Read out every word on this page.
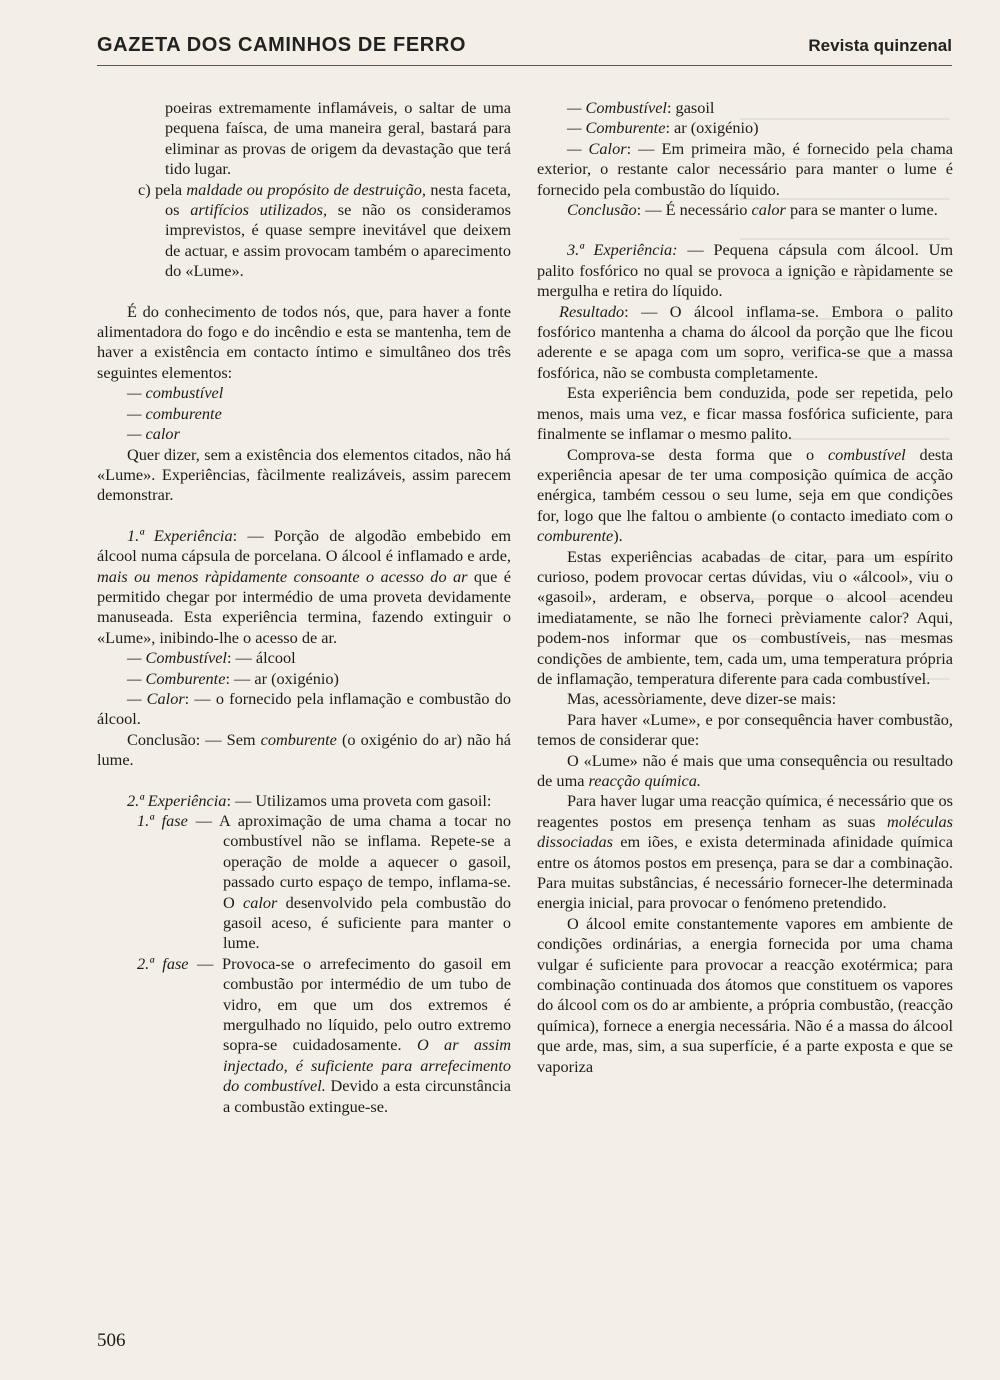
GAZETA DOS CAMINHOS DE FERRO	Revista quinzenal

poeiras extremamente inflamáveis, o saltar de uma pequena faísca, de uma maneira geral, bastará para eliminar as provas de origem da devastação que terá tido lugar.

c) pela maldade ou propósito de destruição, nesta faceta, os artifícios utilizados, se não os consideramos imprevistos, é quase sempre inevitável que deixem de actuar, e assim provocam também o aparecimento do «Lume».

É do conhecimento de todos nós, que, para haver a fonte alimentadora do fogo e do incêndio e esta se mantenha, tem de haver a existência em contacto íntimo e simultâneo dos três seguintes elementos:

— combustível

— comburente

— calor

Quer dizer, sem a existência dos elementos citados, não há «Lume». Experiências, fàcilmente realizáveis, assim parecem demonstrar.

1.ª Experiência: — Porção de algodão embebido em álcool numa cápsula de porcelana. O álcool é inflamado e arde, mais ou menos ràpidamente consoante o acesso do ar que é permitido chegar por intermédio de uma proveta devidamente manuseada. Esta experiência termina, fazendo extinguir o «Lume», inibindo-lhe o acesso de ar.

— Combustível: — álcool

— Comburente: — ar (oxigénio)

— Calor: — o fornecido pela inflamação e combustão do álcool.

Conclusão: — Sem comburente (o oxigénio do ar) não há lume.

2.ª Experiência: — Utilizamos uma proveta com gasoil:

1.ª fase — A aproximação de uma chama a tocar no combustível não se inflama. Repete-se a operação de molde a aquecer o gasoil, passado curto espaço de tempo, inflama-se. O calor desenvolvido pela combustão do gasoil aceso, é suficiente para manter o lume.

2.ª fase — Provoca-se o arrefecimento do gasoil em combustão por intermédio de um tubo de vidro, em que um dos extremos é mergulhado no líquido, pelo outro extremo sopra-se cuidadosamente. O ar assim injectado, é suficiente para arrefecimento do combustível. Devido a esta circunstância a combustão extingue-se.

— Combustível: gasoil

— Comburente: ar (oxigénio)

— Calor: — Em primeira mão, é fornecido pela chama exterior, o restante calor necessário para manter o lume é fornecido pela combustão do líquido.

Conclusão: — É necessário calor para se manter o lume.

3.ª Experiência: — Pequena cápsula com álcool. Um palito fosfórico no qual se provoca a ignição e ràpidamente se mergulha e retira do líquido.

Resultado: — O álcool inflama-se. Embora o palito fosfórico mantenha a chama do álcool da porção que lhe ficou aderente e se apaga com um sopro, verifica-se que a massa fosfórica, não se combusta completamente.

Esta experiência bem conduzida, pode ser repetida, pelo menos, mais uma vez, e ficar massa fosfórica suficiente, para finalmente se inflamar o mesmo palito.

Comprova-se desta forma que o combustível desta experiência apesar de ter uma composição química de acção enérgica, também cessou o seu lume, seja em que condições for, logo que lhe faltou o ambiente (o contacto imediato com o comburente).

Estas experiências acabadas de citar, para um espírito curioso, podem provocar certas dúvidas, viu o «álcool», viu o «gasoil», arderam, e observa, porque o alcool acendeu imediatamente, se não lhe forneci prèviamente calor? Aqui, podem-nos informar que os combustíveis, nas mesmas condições de ambiente, tem, cada um, uma temperatura própria de inflamação, temperatura diferente para cada combustível.

Mas, acessòriamente, deve dizer-se mais:

Para haver «Lume», e por consequência haver combustão, temos de considerar que:

O «Lume» não é mais que uma consequência ou resultado de uma reacção química.

Para haver lugar uma reacção química, é necessário que os reagentes postos em presença tenham as suas moléculas dissociadas em iões, e exista determinada afinidade química entre os átomos postos em presença, para se dar a combinação. Para muitas substâncias, é necessário fornecer-lhe determinada energia inicial, para provocar o fenómeno pretendido.

O álcool emite constantemente vapores em ambiente de condições ordinárias, a energia fornecida por uma chama vulgar é suficiente para provocar a reacção exotérmica; para combinação continuada dos átomos que constituem os vapores do álcool com os do ar ambiente, a própria combustão, (reacção química), fornece a energia necessária. Não é a massa do álcool que arde, mas, sim, a sua superfície, é a parte exposta e que se vaporiza

506
